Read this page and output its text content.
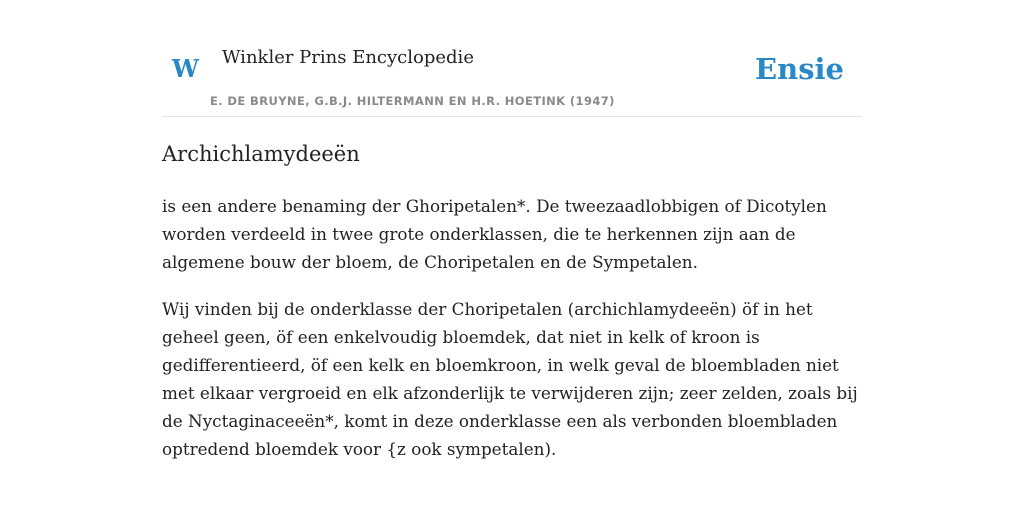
W Winkler Prins Encyclopedie
E. DE BRUYNE, G.B.J. HILTERMANN EN H.R. HOETINK (1947)
Ensie
Archichlamydeeën

is een andere benaming der Ghoripetalen*. De tweezaadlobbigen of Dicotylen
worden verdeeld in twee grote onderklassen, die te herkennen zijn aan de
algemene bouw der bloem, de Choripetalen en de Sympetalen.

Wij vinden bij de onderklasse der Choripetalen (archichlamydeeën) öf in het
geheel geen, öf een enkelvoudig bloemdek, dat niet in kelk of kroon is
gedifferentieerd, öf een kelk en bloemkroon, in welk geval de bloembladen niet
met elkaar vergroeid en elk afzonderlijk te verwijderen zijn; zeer zelden, zoals bij
de Nyctaginaceeën*, komt in deze onderklasse een als verbonden bloembladen
optredend bloemdek voor {z ook sympetalen).
